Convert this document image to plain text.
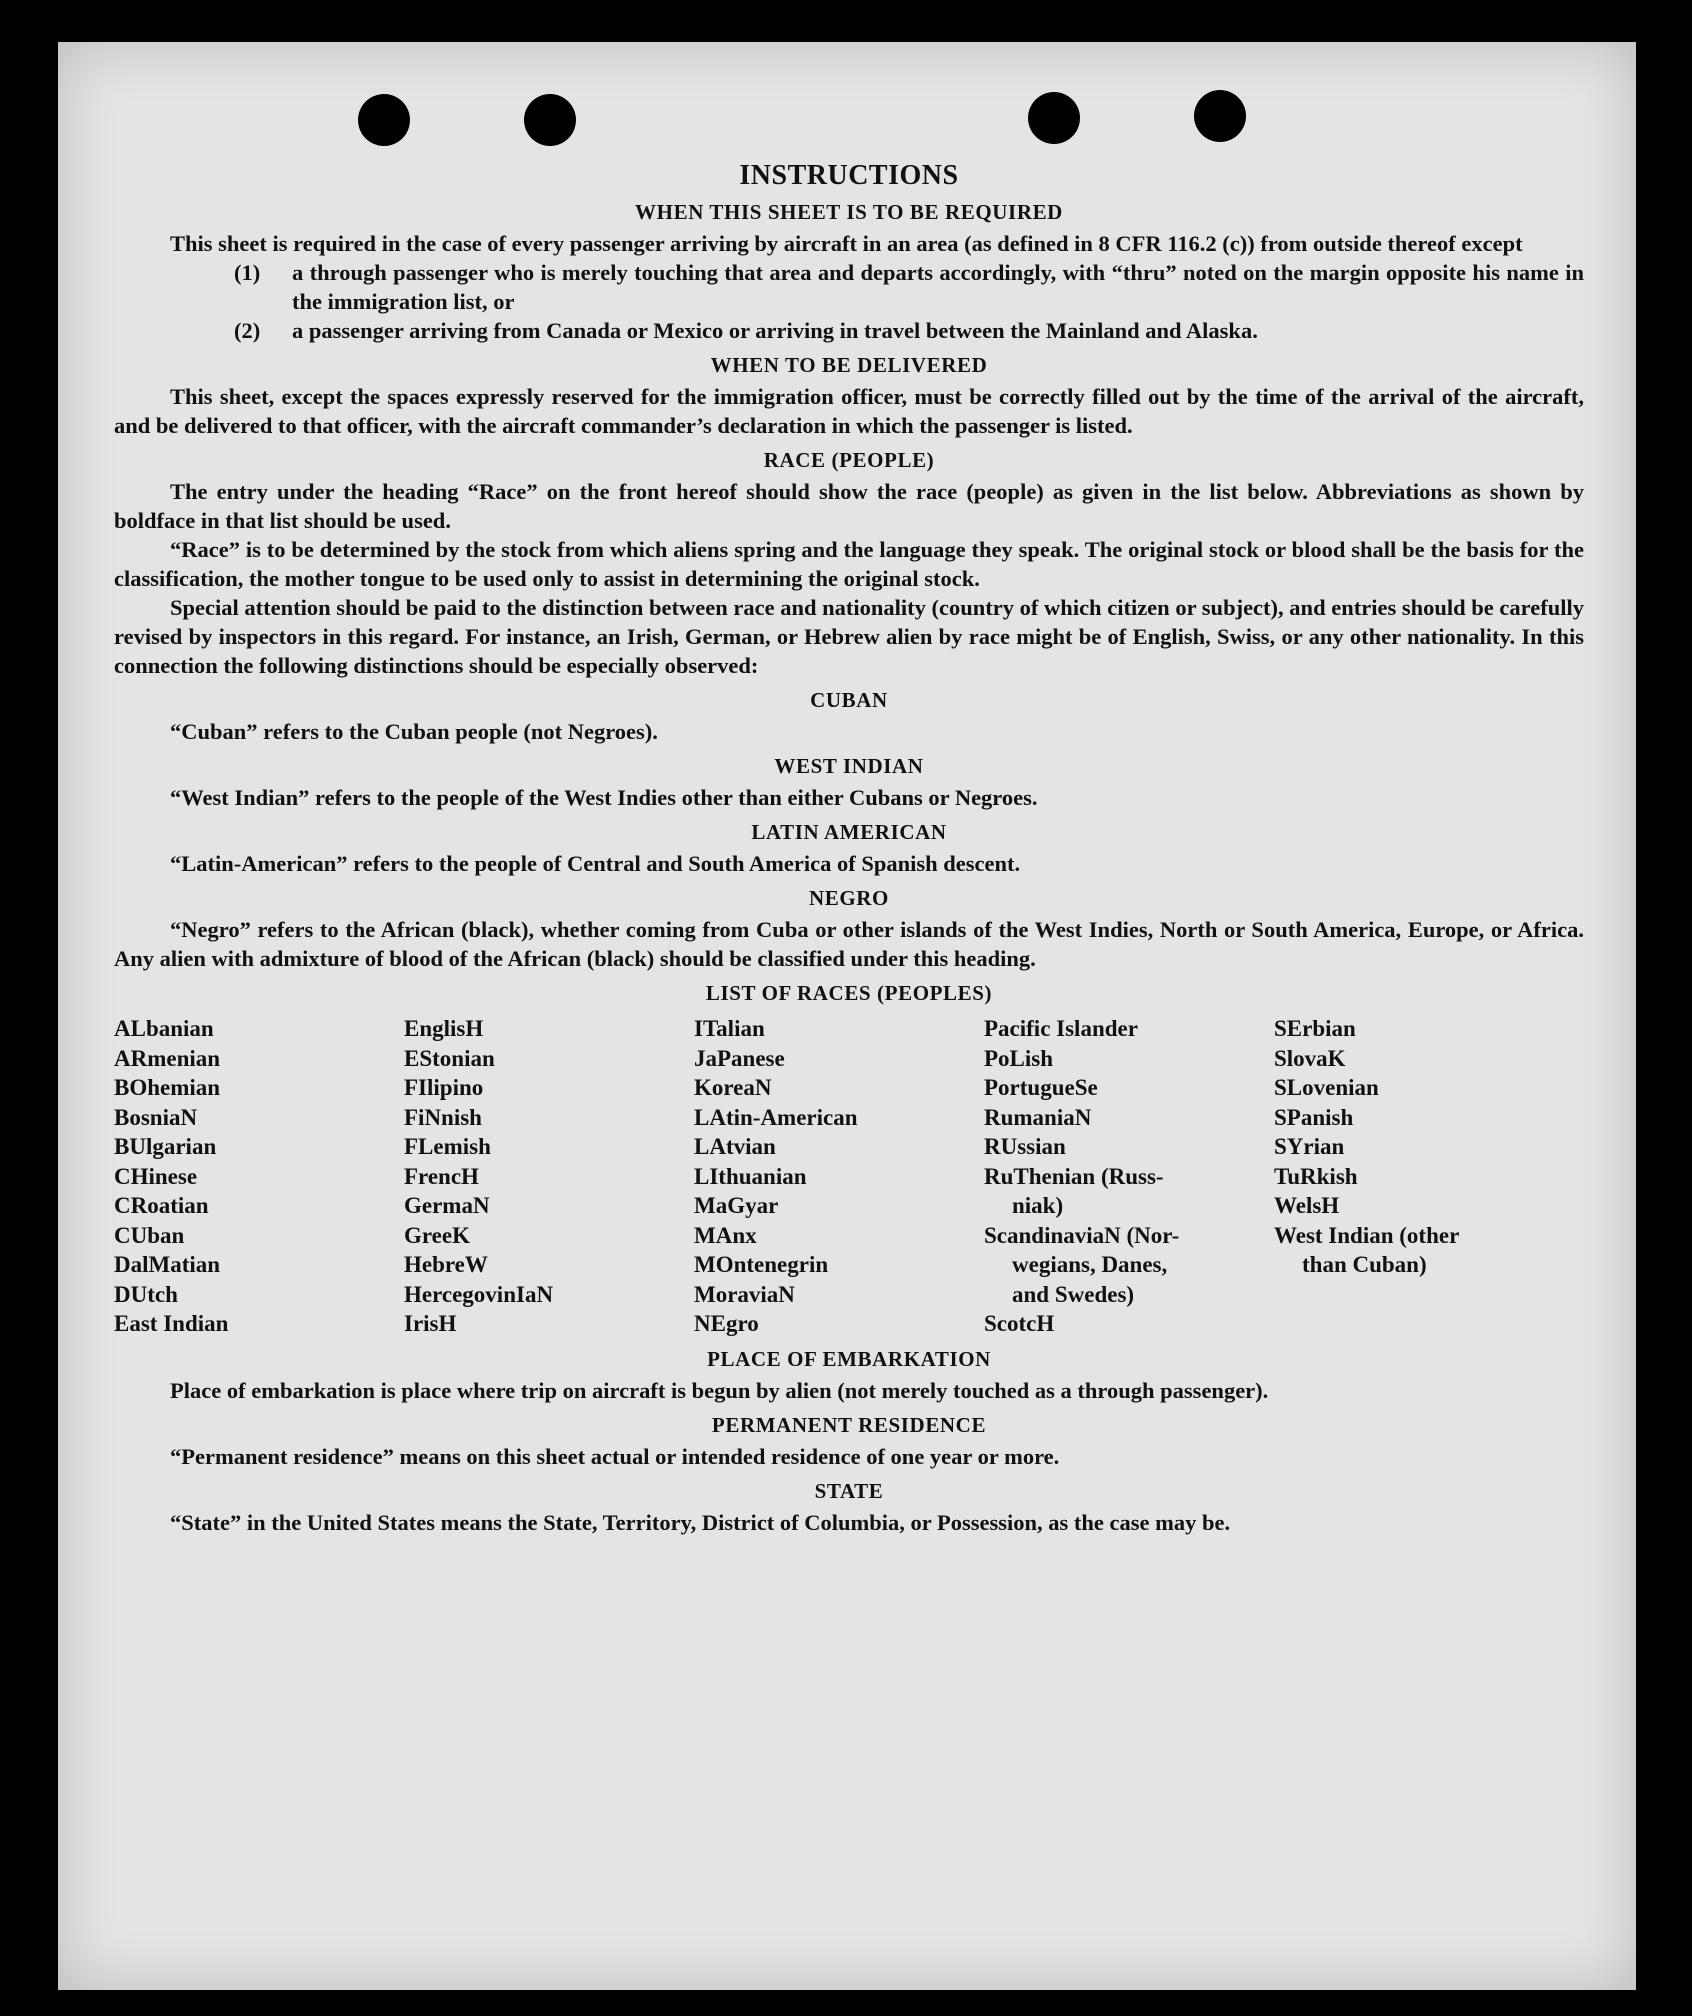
INSTRUCTIONS
WHEN THIS SHEET IS TO BE REQUIRED

This sheet is required in the case of every passenger arriving by aircraft in an area (as defined in 8 CFR 116.2 (c)) from outside thereof except

(1)	a through passenger who is merely touching that area and departs accordingly, with “thru” noted on the margin opposite his name in the immigration list, or
(2)	a passenger arriving from Canada or Mexico or arriving in travel between the Mainland and Alaska.
WHEN TO BE DELIVERED

This sheet, except the spaces expressly reserved for the immigration officer, must be correctly filled out by the time of the arrival of the aircraft, and be delivered to that officer, with the aircraft commander’s declaration in which the passenger is listed.

RACE (PEOPLE)

The entry under the heading “Race” on the front hereof should show the race (people) as given in the list below. Abbreviations as shown by boldface in that list should be used.

“Race” is to be determined by the stock from which aliens spring and the language they speak. The original stock or blood shall be the basis for the classification, the mother tongue to be used only to assist in determining the original stock.

Special attention should be paid to the distinction between race and nationality (country of which citizen or subject), and entries should be carefully revised by inspectors in this regard. For instance, an Irish, German, or Hebrew alien by race might be of English, Swiss, or any other nationality. In this connection the following distinctions should be especially observed:

CUBAN

“Cuban” refers to the Cuban people (not Negroes).

WEST INDIAN

“West Indian” refers to the people of the West Indies other than either Cubans or Negroes.

LATIN AMERICAN

“Latin-American” refers to the people of Central and South America of Spanish descent.

NEGRO

“Negro” refers to the African (black), whether coming from Cuba or other islands of the West Indies, North or South America, Europe, or Africa. Any alien with admixture of blood of the African (black) should be classified under this heading.

LIST OF RACES (PEOPLES)
ALbanian
ARmenian
BOhemian
BosniaN
BUlgarian
CHinese
CRoatian
CUban
DalMatian
DUtch
East Indian
EnglisH
EStonian
FIlipino
FiNnish
FLemish
FrencH
GermaN
GreeK
HebreW
HercegovinIaN
IrisH
ITalian
JaPanese
KoreaN
LAtin-American
LAtvian
LIthuanian
MaGyar
MAnx
MOntenegrin
MoraviaN
NEgro
Pacific Islander
PoLish
PortugueSe
RumaniaN
RUssian
RuThenian (Russ-
niak)
ScandinaviaN (Nor-
wegians, Danes,
and Swedes)
ScotcH
SErbian
SlovaK
SLovenian
SPanish
SYrian
TuRkish
WelsH
West Indian (other
than Cuban)
PLACE OF EMBARKATION

Place of embarkation is place where trip on aircraft is begun by alien (not merely touched as a through passenger).

PERMANENT RESIDENCE

“Permanent residence” means on this sheet actual or intended residence of one year or more.

STATE

“State” in the United States means the State, Territory, District of Columbia, or Possession, as the case may be.
